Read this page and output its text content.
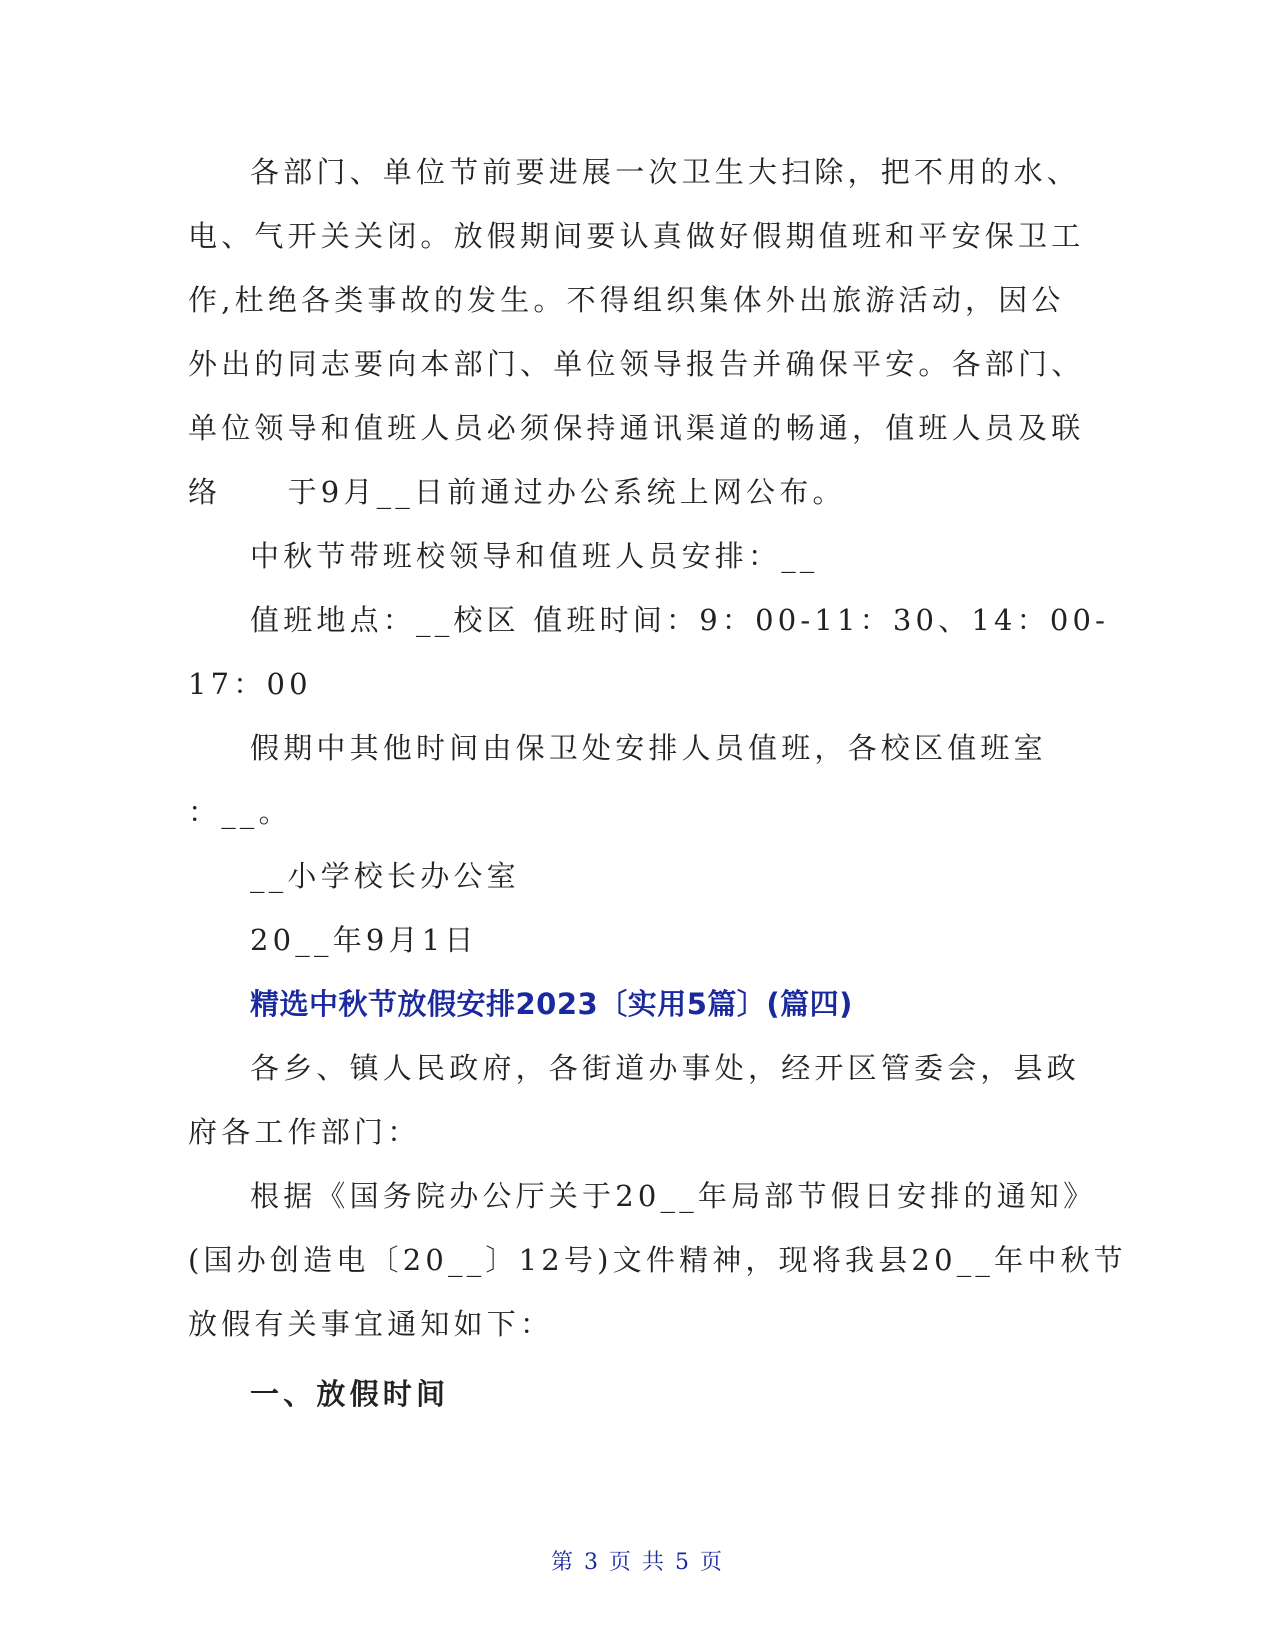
各部门、单位节前要进展一次卫生大扫除，把不用的水、
电、气开关关闭。放假期间要认真做好假期值班和平安保卫工
作,杜绝各类事故的发生。不得组织集体外出旅游活动，因公
外出的同志要向本部门、单位领导报告并确保平安。各部门、
单位领导和值班人员必须保持通讯渠道的畅通，值班人员及联
络　　于9月__日前通过办公系统上网公布。
中秋节带班校领导和值班人员安排：__
值班地点：__校区 值班时间：9：00-11：30、14：00-
17：00
假期中其他时间由保卫处安排人员值班，各校区值班室
：__。
__小学校长办公室
20__年9月1日
精选中秋节放假安排2023〔实用5篇〕(篇四)
各乡、镇人民政府，各街道办事处，经开区管委会，县政
府各工作部门：
根据《国务院办公厅关于20__年局部节假日安排的通知》
(国办创造电〔20__〕12号)文件精神，现将我县20__年中秋节
放假有关事宜通知如下：
一、放假时间
第 3 页 共 5 页
